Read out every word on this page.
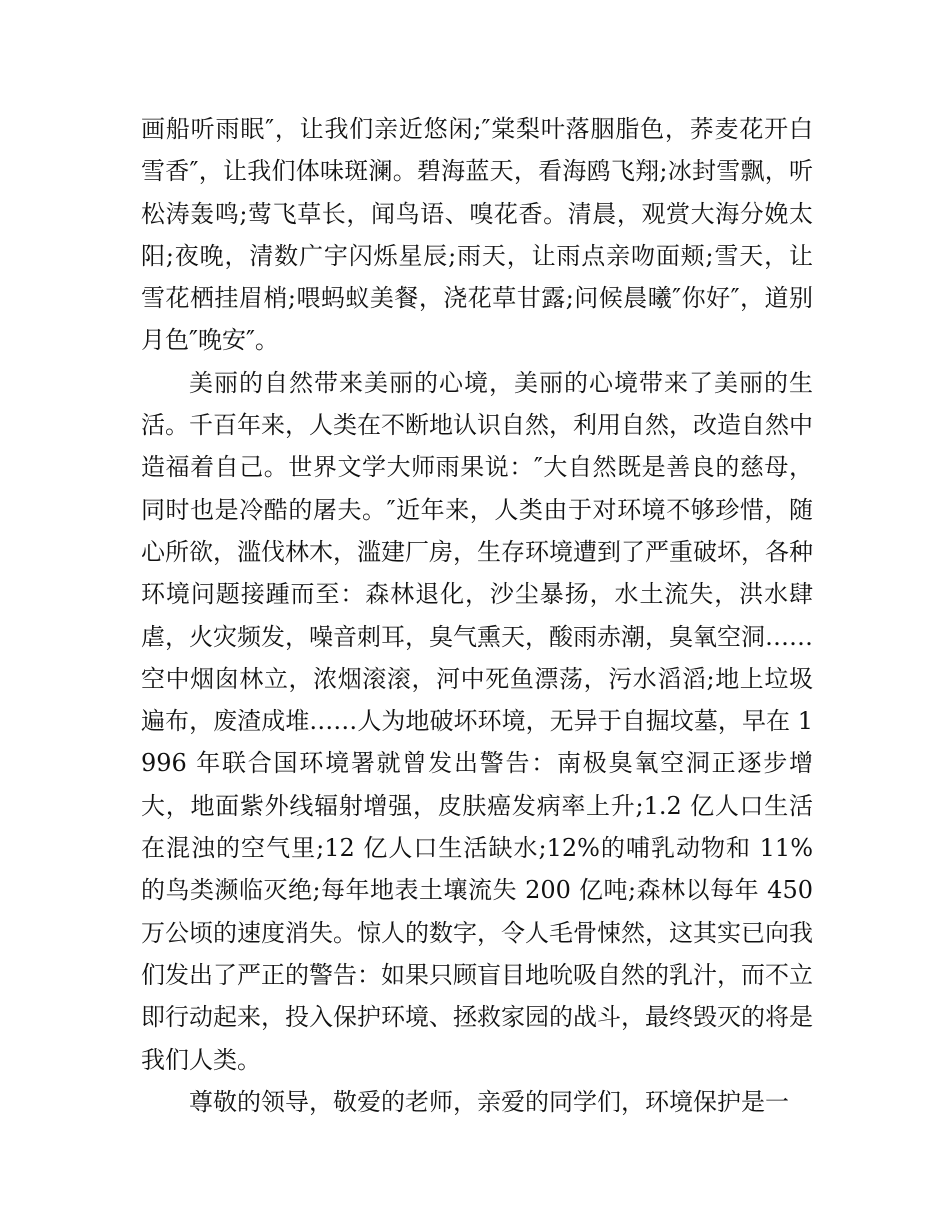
画船听雨眠″，让我们亲近悠闲;″棠梨叶落胭脂色，荞麦花开白雪香″，让我们体味斑澜。碧海蓝天，看海鸥飞翔;冰封雪飘，听松涛轰鸣;莺飞草长，闻鸟语、嗅花香。清晨，观赏大海分娩太阳;夜晚，清数广宇闪烁星辰;雨天，让雨点亲吻面颊;雪天，让雪花栖挂眉梢;喂蚂蚁美餐，浇花草甘露;问候晨曦″你好″，道别月色″晚安″。

美丽的自然带来美丽的心境，美丽的心境带来了美丽的生活。千百年来，人类在不断地认识自然，利用自然，改造自然中造福着自己。世界文学大师雨果说：″大自然既是善良的慈母，同时也是冷酷的屠夫。″近年来，人类由于对环境不够珍惜，随心所欲，滥伐林木，滥建厂房，生存环境遭到了严重破坏，各种环境问题接踵而至：森林退化，沙尘暴扬，水土流失，洪水肆虐，火灾频发，噪音刺耳，臭气熏天，酸雨赤潮，臭氧空洞……空中烟囱林立，浓烟滚滚，河中死鱼漂荡，污水滔滔;地上垃圾遍布，废渣成堆……人为地破坏环境，无异于自掘坟墓，早在 1996 年联合国环境署就曾发出警告：南极臭氧空洞正逐步增大，地面紫外线辐射增强，皮肤癌发病率上升;1.2 亿人口生活在混浊的空气里;12 亿人口生活缺水;12%的哺乳动物和 11%的鸟类濒临灭绝;每年地表土壤流失 200 亿吨;森林以每年 450 万公顷的速度消失。惊人的数字，令人毛骨悚然，这其实已向我们发出了严正的警告：如果只顾盲目地吮吸自然的乳汁，而不立即行动起来，投入保护环境、拯救家园的战斗，最终毁灭的将是我们人类。

尊敬的领导，敬爱的老师，亲爱的同学们，环境保护是一
